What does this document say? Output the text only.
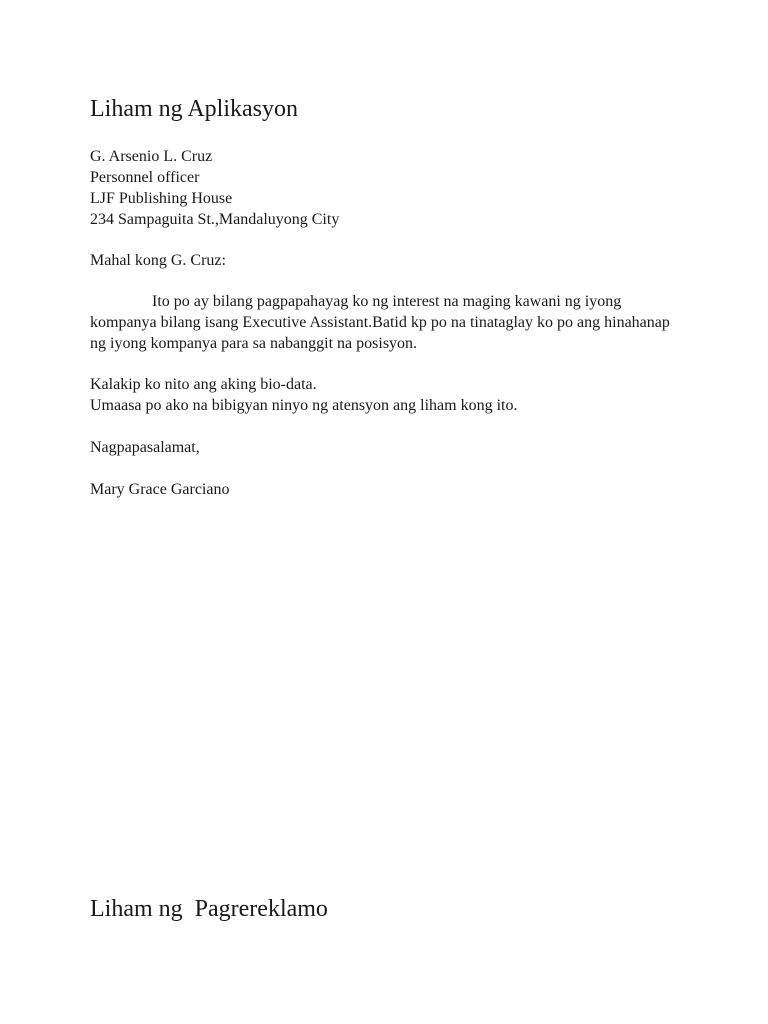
Liham ng Aplikasyon

G. Arsenio L. Cruz

Personnel officer

LJF Publishing House

234 Sampaguita St.,Mandaluyong City

Mahal kong G. Cruz:

Ito po ay bilang pagpapahayag ko ng interest na maging kawani ng iyong kompanya bilang isang Executive Assistant.Batid kp po na tinataglay ko po ang hinahanap ng iyong kompanya para sa nabanggit na posisyon.

Kalakip ko nito ang aking bio-data.

Umaasa po ako na bibigyan ninyo ng atensyon ang liham kong ito.

Nagpapasalamat,

Mary Grace Garciano

Liham ng  Pagrereklamo
